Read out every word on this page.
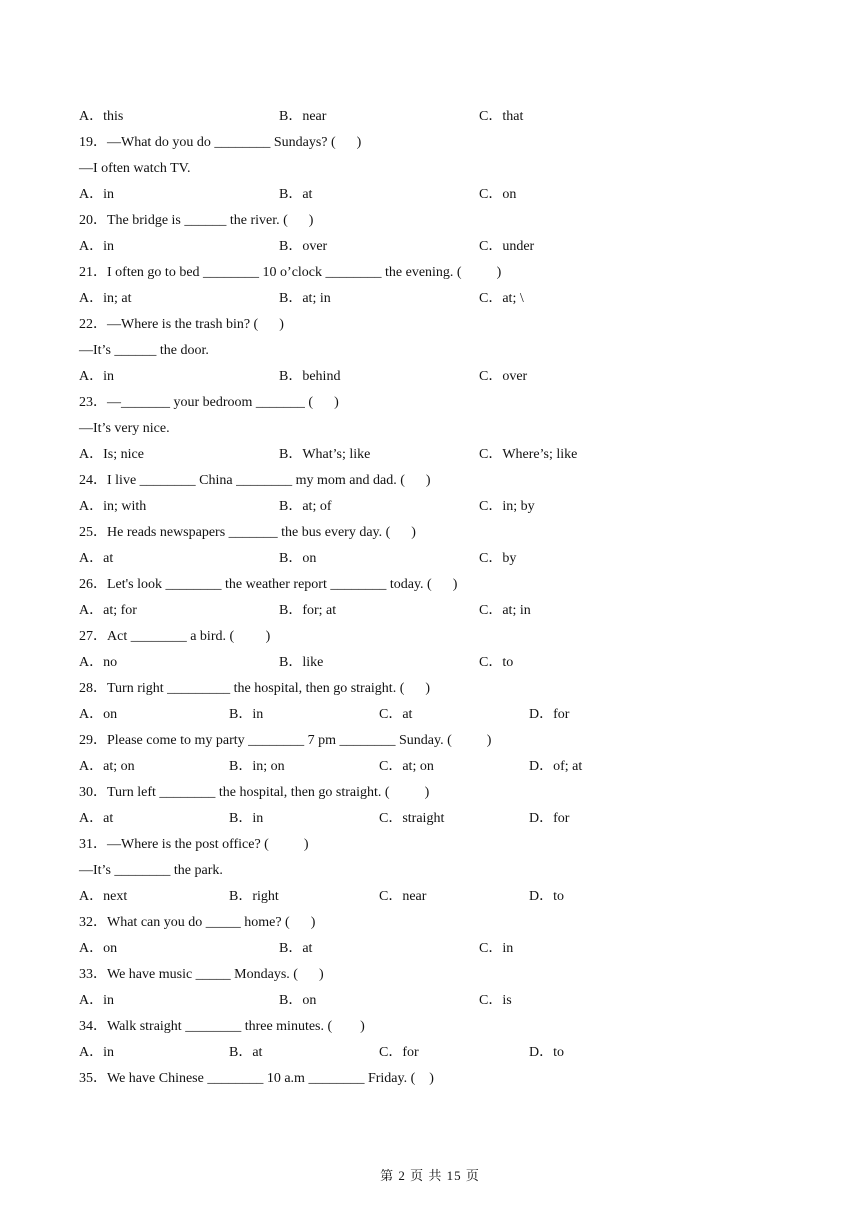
A．this	B．near	C．that
19．—What do you do ________ Sundays? (      )
—I often watch TV.
A．in	B．at	C．on
20．The bridge is ______ the river. (      )
A．in	B．over	C．under
21．I often go to bed ________ 10 o’clock ________ the evening. (          )
A．in; at	B．at; in	C．at; \
22．—Where is the trash bin? (      )
—It’s ______ the door.
A．in	B．behind	C．over
23．—_______ your bedroom _______ (      )
—It’s very nice.
A．Is; nice	B．What’s; like	C．Where’s; like
24．I live ________ China ________ my mom and dad. (      )
A．in; with	B．at; of	C．in; by
25．He reads newspapers _______ the bus every day. (      )
A．at	B．on	C．by
26．Let's look ________ the weather report ________ today. (      )
A．at; for	B．for; at	C．at; in
27．Act ________ a bird. (         )
A．no	B．like	C．to
28．Turn right _________ the hospital, then go straight. (      )
A．on	B．in	C．at	D．for
29．Please come to my party ________ 7 pm ________ Sunday. (          )
A．at; on	B．in; on	C．at; on	D．of; at
30．Turn left ________ the hospital, then go straight. (          )
A．at	B．in	C．straight	D．for
31．—Where is the post office? (          )
—It’s ________ the park.
A．next	B．right	C．near	D．to
32．What can you do _____ home? (      )
A．on	B．at	C．in
33．We have music _____ Mondays. (      )
A．in	B．on	C．is
34．Walk straight ________ three minutes. (        )
A．in	B．at	C．for	D．to
35．We have Chinese ________ 10 a.m ________ Friday. (    )
第 2 页 共 15 页
